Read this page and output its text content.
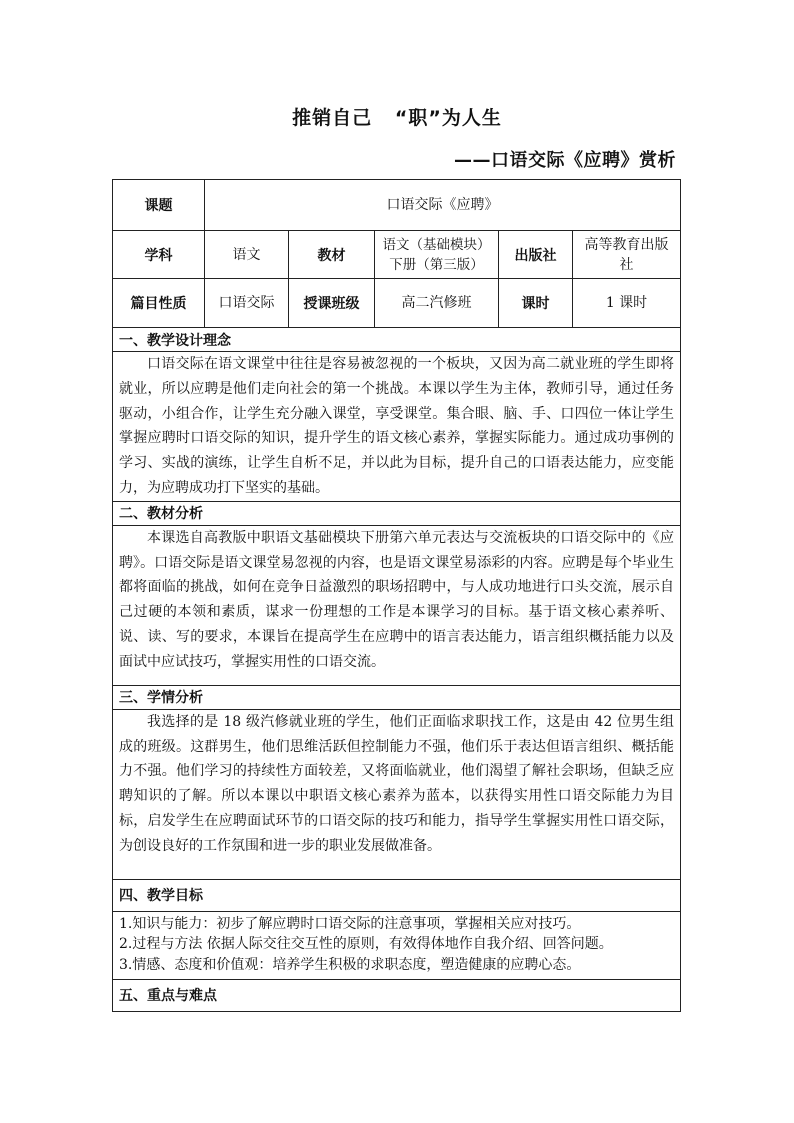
推销自己   “职”为人生
——口语交际《应聘》赏析
课题	口语交际《应聘》				
学科	语文	教材	语文（基础模块）下册（第三版）	出版社	高等教育出版社
篇目性质	口语交际	授课班级	高二汽修班	课时	1 课时
一、教学设计理念					

口语交际在语文课堂中往往是容易被忽视的一个板块，又因为高二就业班的学生即将就业，所以应聘是他们走向社会的第一个挑战。本课以学生为主体，教师引导，通过任务驱动，小组合作，让学生充分融入课堂，享受课堂。集合眼、脑、手、口四位一体让学生掌握应聘时口语交际的知识，提升学生的语文核心素养，掌握实际能力。通过成功事例的学习、实战的演练，让学生自析不足，并以此为目标，提升自己的口语表达能力，应变能力，为应聘成功打下坚实的基础。					

二、教材分析					

本课选自高教版中职语文基础模块下册第六单元表达与交流板块的口语交际中的《应聘》。口语交际是语文课堂易忽视的内容，也是语文课堂易添彩的内容。应聘是每个毕业生都将面临的挑战，如何在竞争日益激烈的职场招聘中，与人成功地进行口头交流，展示自己过硬的本领和素质，谋求一份理想的工作是本课学习的目标。基于语文核心素养听、说、读、写的要求，本课旨在提高学生在应聘中的语言表达能力，语言组织概括能力以及面试中应试技巧，掌握实用性的口语交流。					

三、学情分析					

我选择的是 18 级汽修就业班的学生，他们正面临求职找工作，这是由 42 位男生组成的班级。这群男生，他们思维活跃但控制能力不强，他们乐于表达但语言组织、概括能力不强。他们学习的持续性方面较差，又将面临就业，他们渴望了解社会职场，但缺乏应聘知识的了解。所以本课以中职语文核心素养为蓝本，以获得实用性口语交际能力为目标，启发学生在应聘面试环节的口语交际的技巧和能力，指导学生掌握实用性口语交际，为创设良好的工作氛围和进一步的职业发展做准备。					

四、教学目标					

1.知识与能力：初步了解应聘时口语交际的注意事项，掌握相关应对技巧。
2.过程与方法 依据人际交往交互性的原则，有效得体地作自我介绍、回答问题。
3.情感、态度和价值观：培养学生积极的求职态度，塑造健康的应聘心态。					

五、重点与难点					
